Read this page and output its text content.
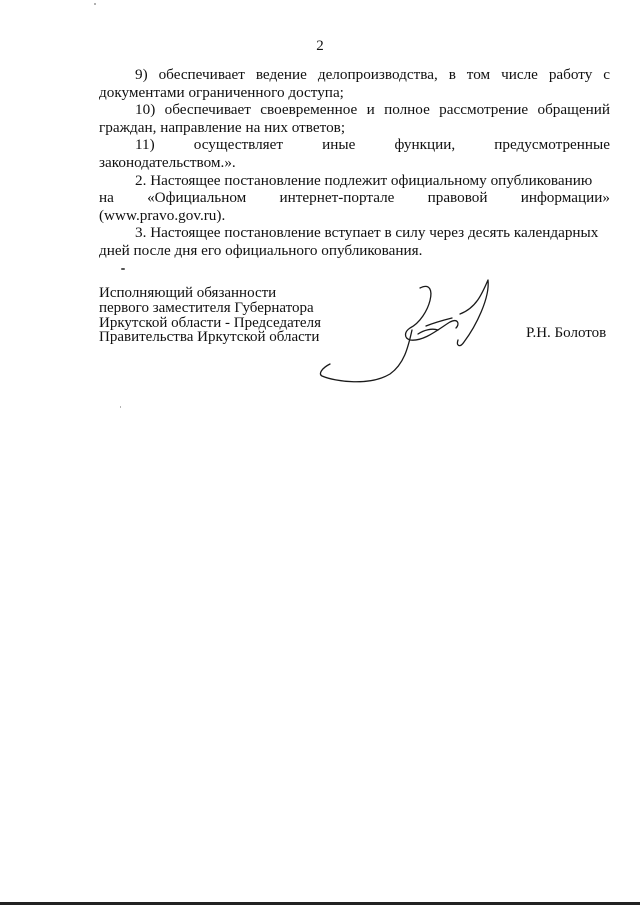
2
9) обеспечивает ведение делопроизводства, в том числе работу с
документами ограниченного доступа;
10) обеспечивает своевременное и полное рассмотрение обращений
граждан, направление на них ответов;
11)	осуществляет	иные	функции,	предусмотренные
законодательством.».
2. Настоящее постановление подлежит официальному опубликованию
на «Официальном интернет-портале правовой информации»
(www.pravo.gov.ru).
3. Настоящее постановление вступает в силу через десять календарных
дней после дня его официального опубликования.
Исполняющий обязанности
первого заместителя Губернатора
Иркутской области - Председателя
Правительства Иркутской области	Р.Н. Болотов
